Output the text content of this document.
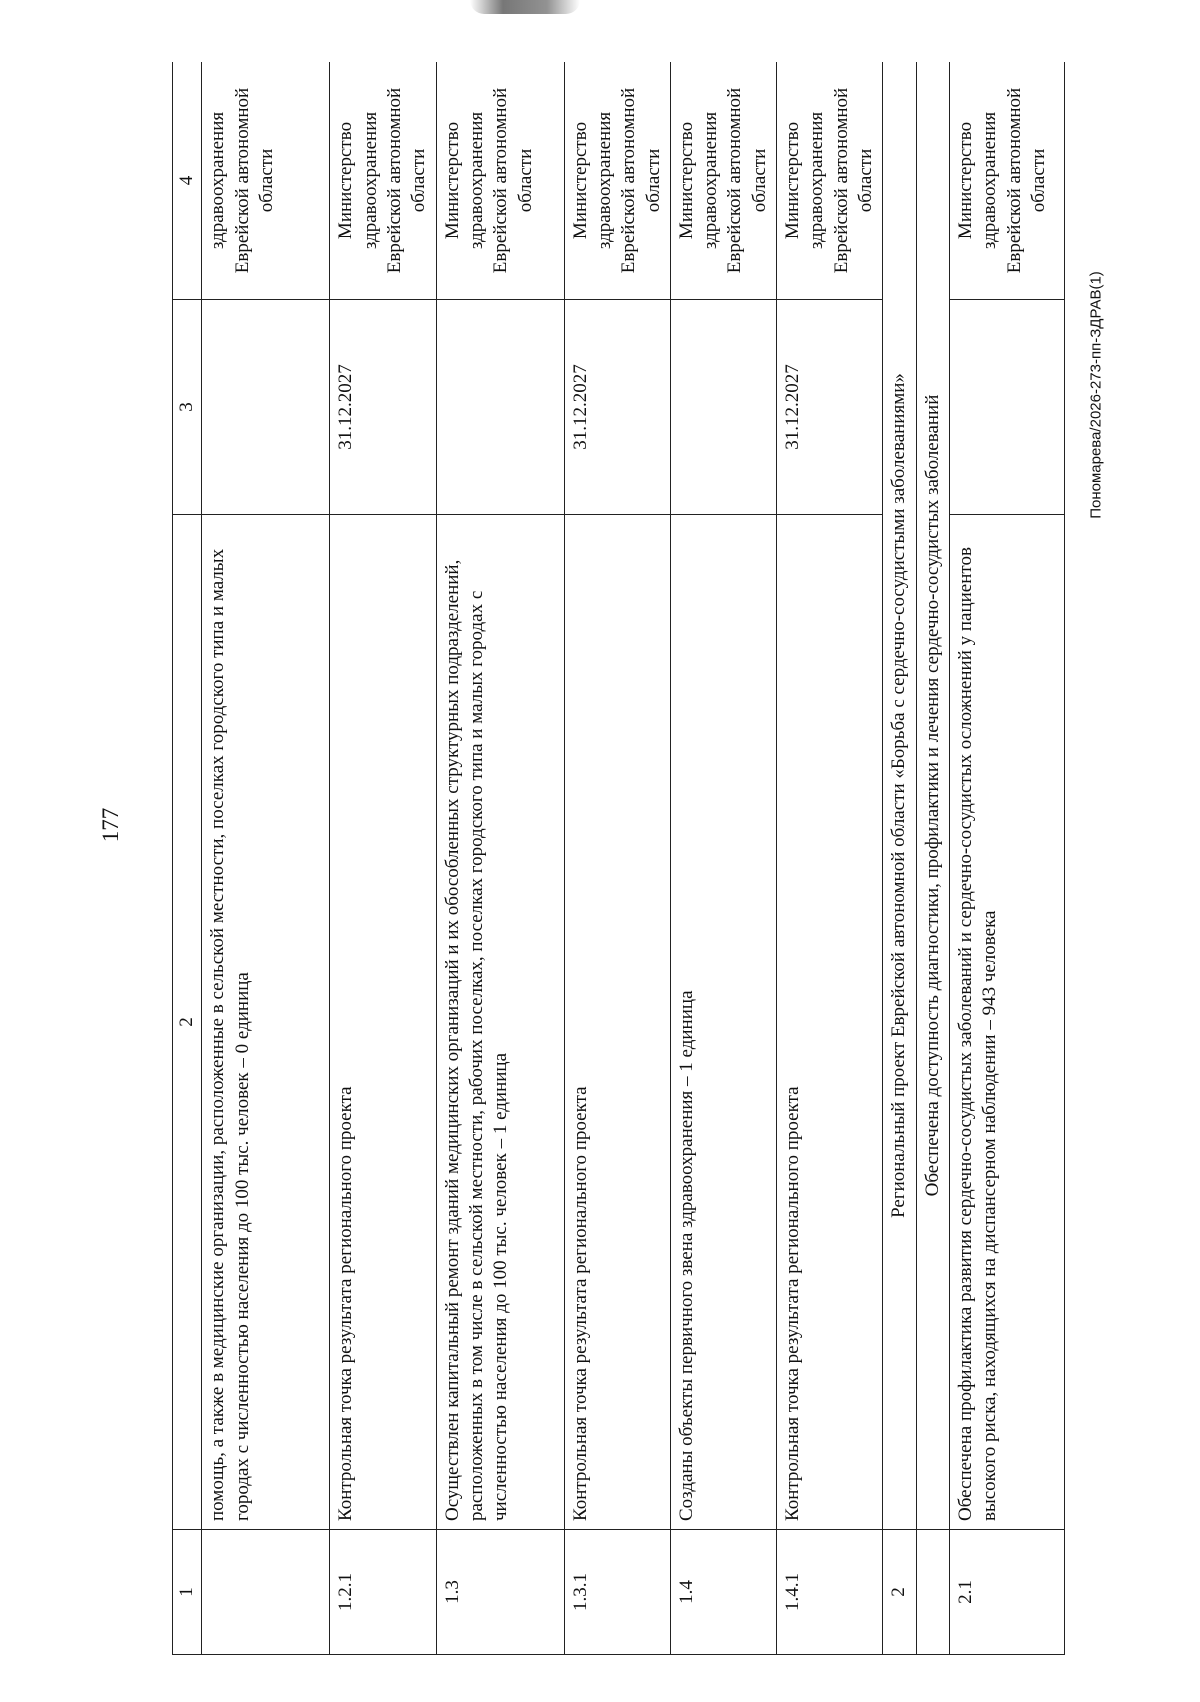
177
Пономарева/2026-273-пп-ЗДРАВ(1)
1	2	3	4
	помощь, а также в медицинские организации, расположенные в сельской местности, поселках городского типа и малых городах с численностью населения до 100 тыс. человек – 0 единица		здравоохранения Еврейской автономной области
1.2.1	Контрольная точка результата регионального проекта	31.12.2027	Министерство здравоохранения Еврейской автономной области
1.3	Осуществлен капитальный ремонт зданий медицинских организаций и их обособленных структурных подразделений, расположенных в том числе в сельской местности, рабочих поселках, поселках городского типа и малых городах с численностью населения до 100 тыс. человек – 1 единица		Министерство здравоохранения Еврейской автономной области
1.3.1	Контрольная точка результата регионального проекта	31.12.2027	Министерство здравоохранения Еврейской автономной области
1.4	Созданы объекты первичного звена здравоохранения – 1 единица		Министерство здравоохранения Еврейской автономной области
1.4.1	Контрольная точка результата регионального проекта	31.12.2027	Министерство здравоохранения Еврейской автономной области
2	Региональный проект Еврейской автономной области «Борьба с сердечно-сосудистыми заболеваниями»		
	Обеспечена доступность диагностики, профилактики и лечения сердечно-сосудистых заболеваний		
2.1	Обеспечена профилактика развития сердечно-сосудистых заболеваний и сердечно-сосудистых осложнений у пациентов высокого риска, находящихся на диспансерном наблюдении – 943 человека		Министерство здравоохранения Еврейской автономной области
